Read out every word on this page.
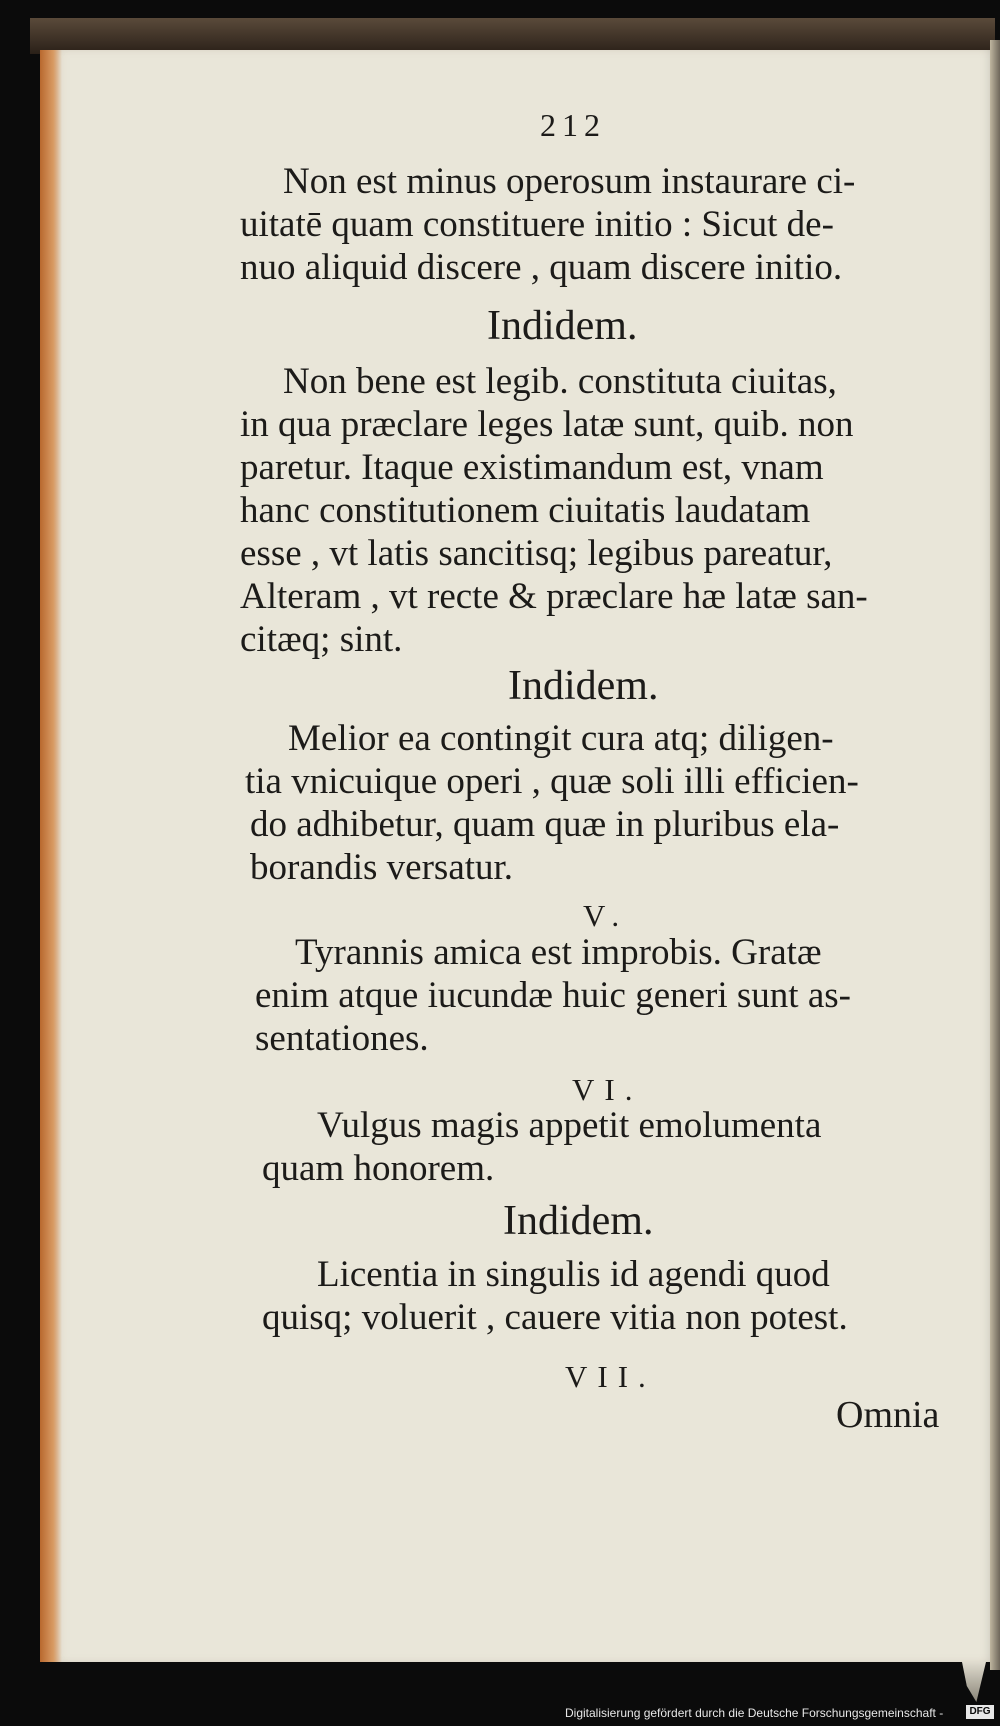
212
Non est minus operosum instaurare ci-
uitatē quam constituere initio : Sicut de-
nuo aliquid discere , quam discere initio.
Indidem.
Non bene est legib. constituta ciuitas,
in qua præclare leges latæ sunt, quib. non
paretur. Itaque existimandum est, vnam
hanc constitutionem ciuitatis laudatam
esse , vt latis sancitisq; legibus pareatur,
Alteram , vt recte & præclare hæ latæ san-
citæq; sint.
Indidem.
Melior ea contingit cura atq; diligen-
tia vnicuique operi , quæ soli illi efficien-
do adhibetur, quam quæ in pluribus ela-
borandis versatur.
V.
Tyrannis amica est improbis. Gratæ
enim atque iucundæ huic generi sunt as-
sentationes.
VI.
Vulgus magis appetit emolumenta
quam honorem.
Indidem.
Licentia in singulis id agendi quod
quisq; voluerit , cauere vitia non potest.
VII.
Omnia
Digitalisierung gefördert durch die Deutsche Forschungsgemeinschaft -	DFG
